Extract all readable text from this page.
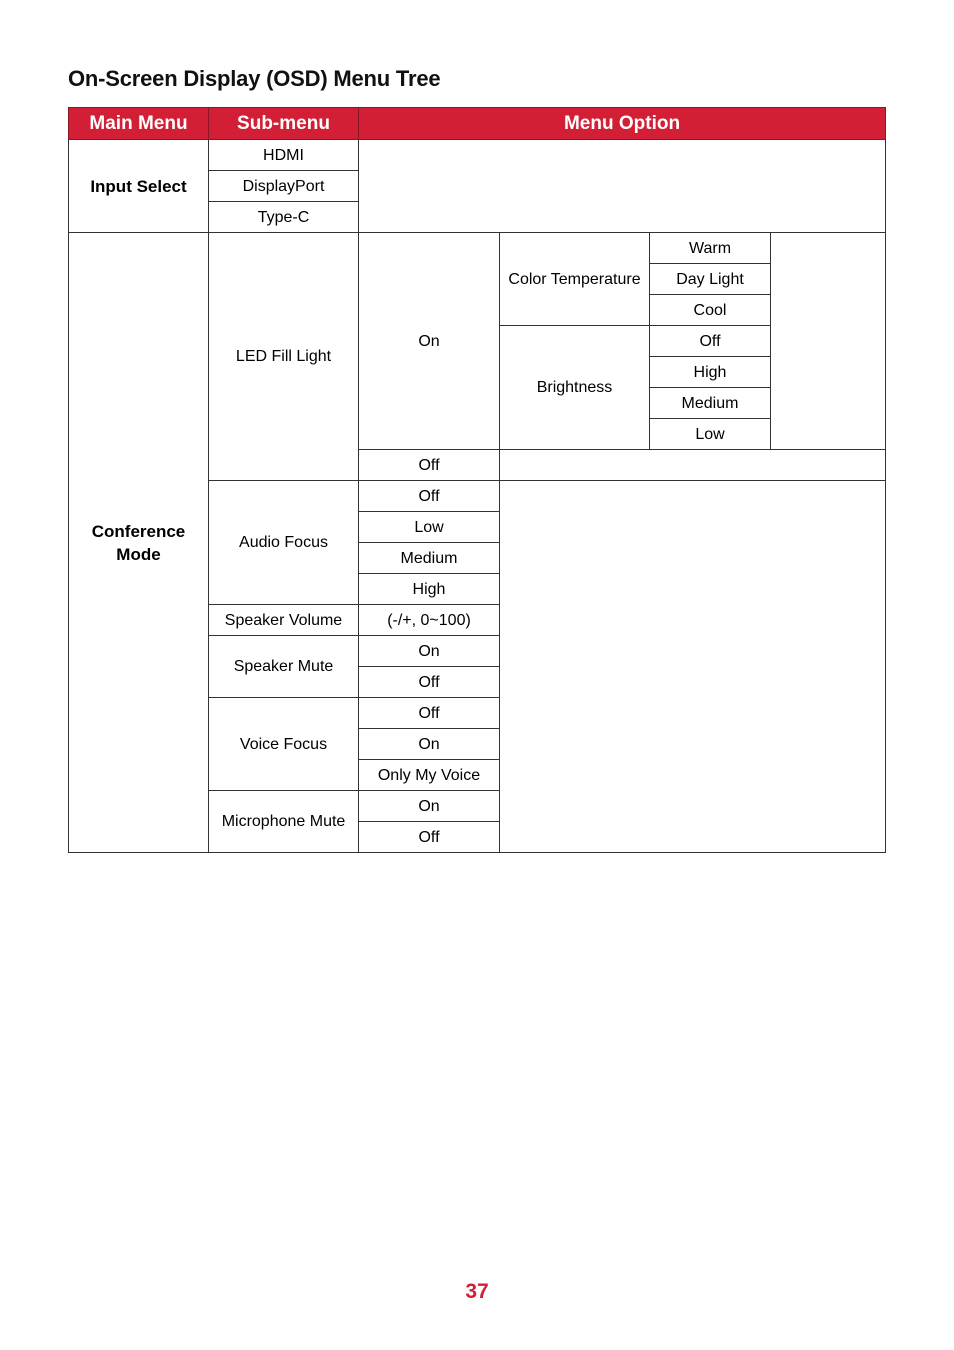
On-Screen Display (OSD) Menu Tree
Main Menu	Sub-menu	Menu Option			
Input Select	HDMI				
	DisplayPort				
	Type-C				
Conference Mode	LED Fill Light	On	Color Temperature	Warm	
				Day Light	
				Cool	
			Brightness	Off	
				High	
				Medium	
				Low	
		Off			
	Audio Focus	Off			
		Low			
		Medium			
		High			
	Speaker Volume	(-/+, 0~100)			
	Speaker Mute	On			
		Off			
	Voice Focus	Off			
		On			
		Only My Voice			
	Microphone Mute	On			
		Off			
37
